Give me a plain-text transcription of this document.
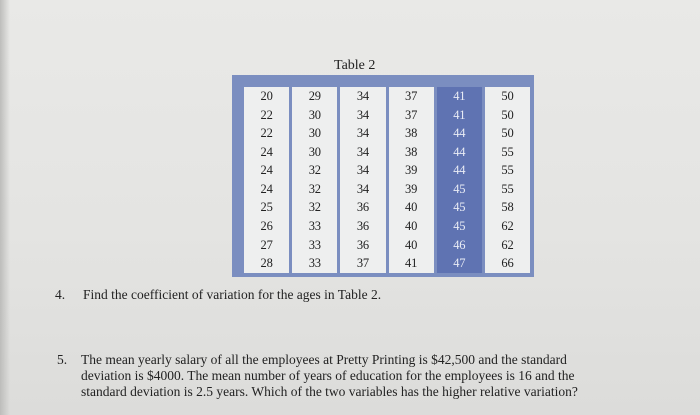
Table 2
20
22
22
24
24
24
25
26
27
28
29
30
30
30
32
32
32
33
33
33
34
34
34
34
34
34
36
36
36
37
37
37
38
38
39
39
40
40
40
41
41
41
44
44
44
45
45
45
46
47
50
50
50
55
55
55
58
62
62
66
4. Find the coefficient of variation for the ages in Table 2.
5. The mean yearly salary of all the employees at Pretty Printing is $42,500 and the standard
deviation is $4000. The mean number of years of education for the employees is 16 and the
standard deviation is 2.5 years. Which of the two variables has the higher relative variation?
